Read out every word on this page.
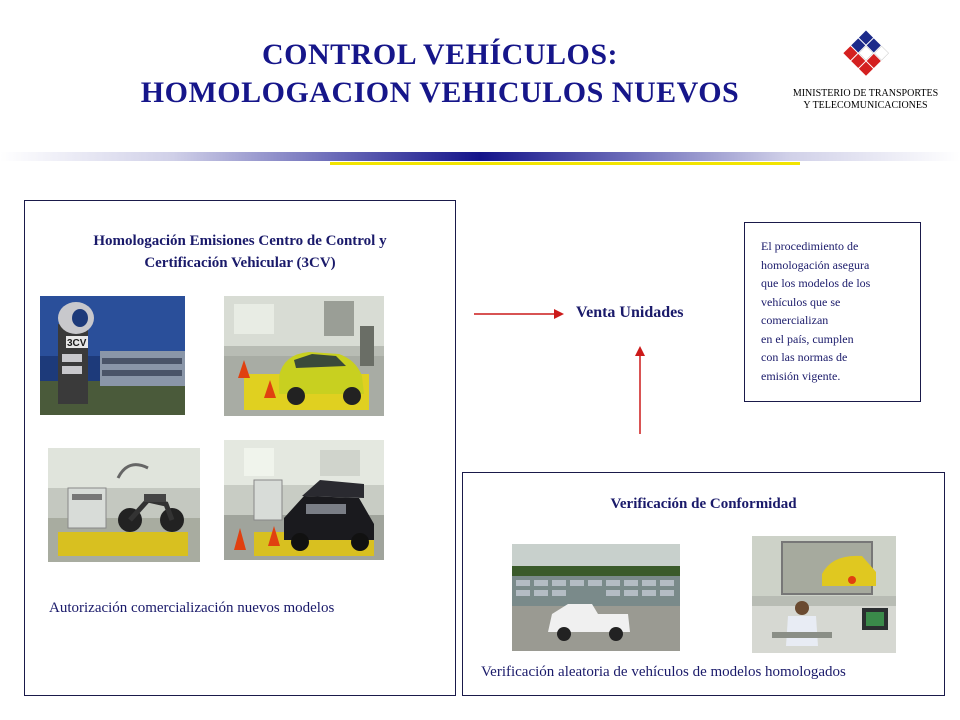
CONTROL VEHÍCULOS:
HOMOLOGACION VEHICULOS NUEVOS	MINISTERIO DE TRANSPORTES
Y TELECOMUNICACIONES
Homologación Emisiones Centro de Control y
Certificación Vehicular (3CV)
3CV
Autorización comercialización nuevos modelos
Venta Unidades
El procedimiento de
homologación asegura
que los modelos de los
vehículos que se
comercializan
en el país, cumplen
con las normas de
emisión vigente.
Verificación de Conformidad
Verificación aleatoria de vehículos de modelos homologados
